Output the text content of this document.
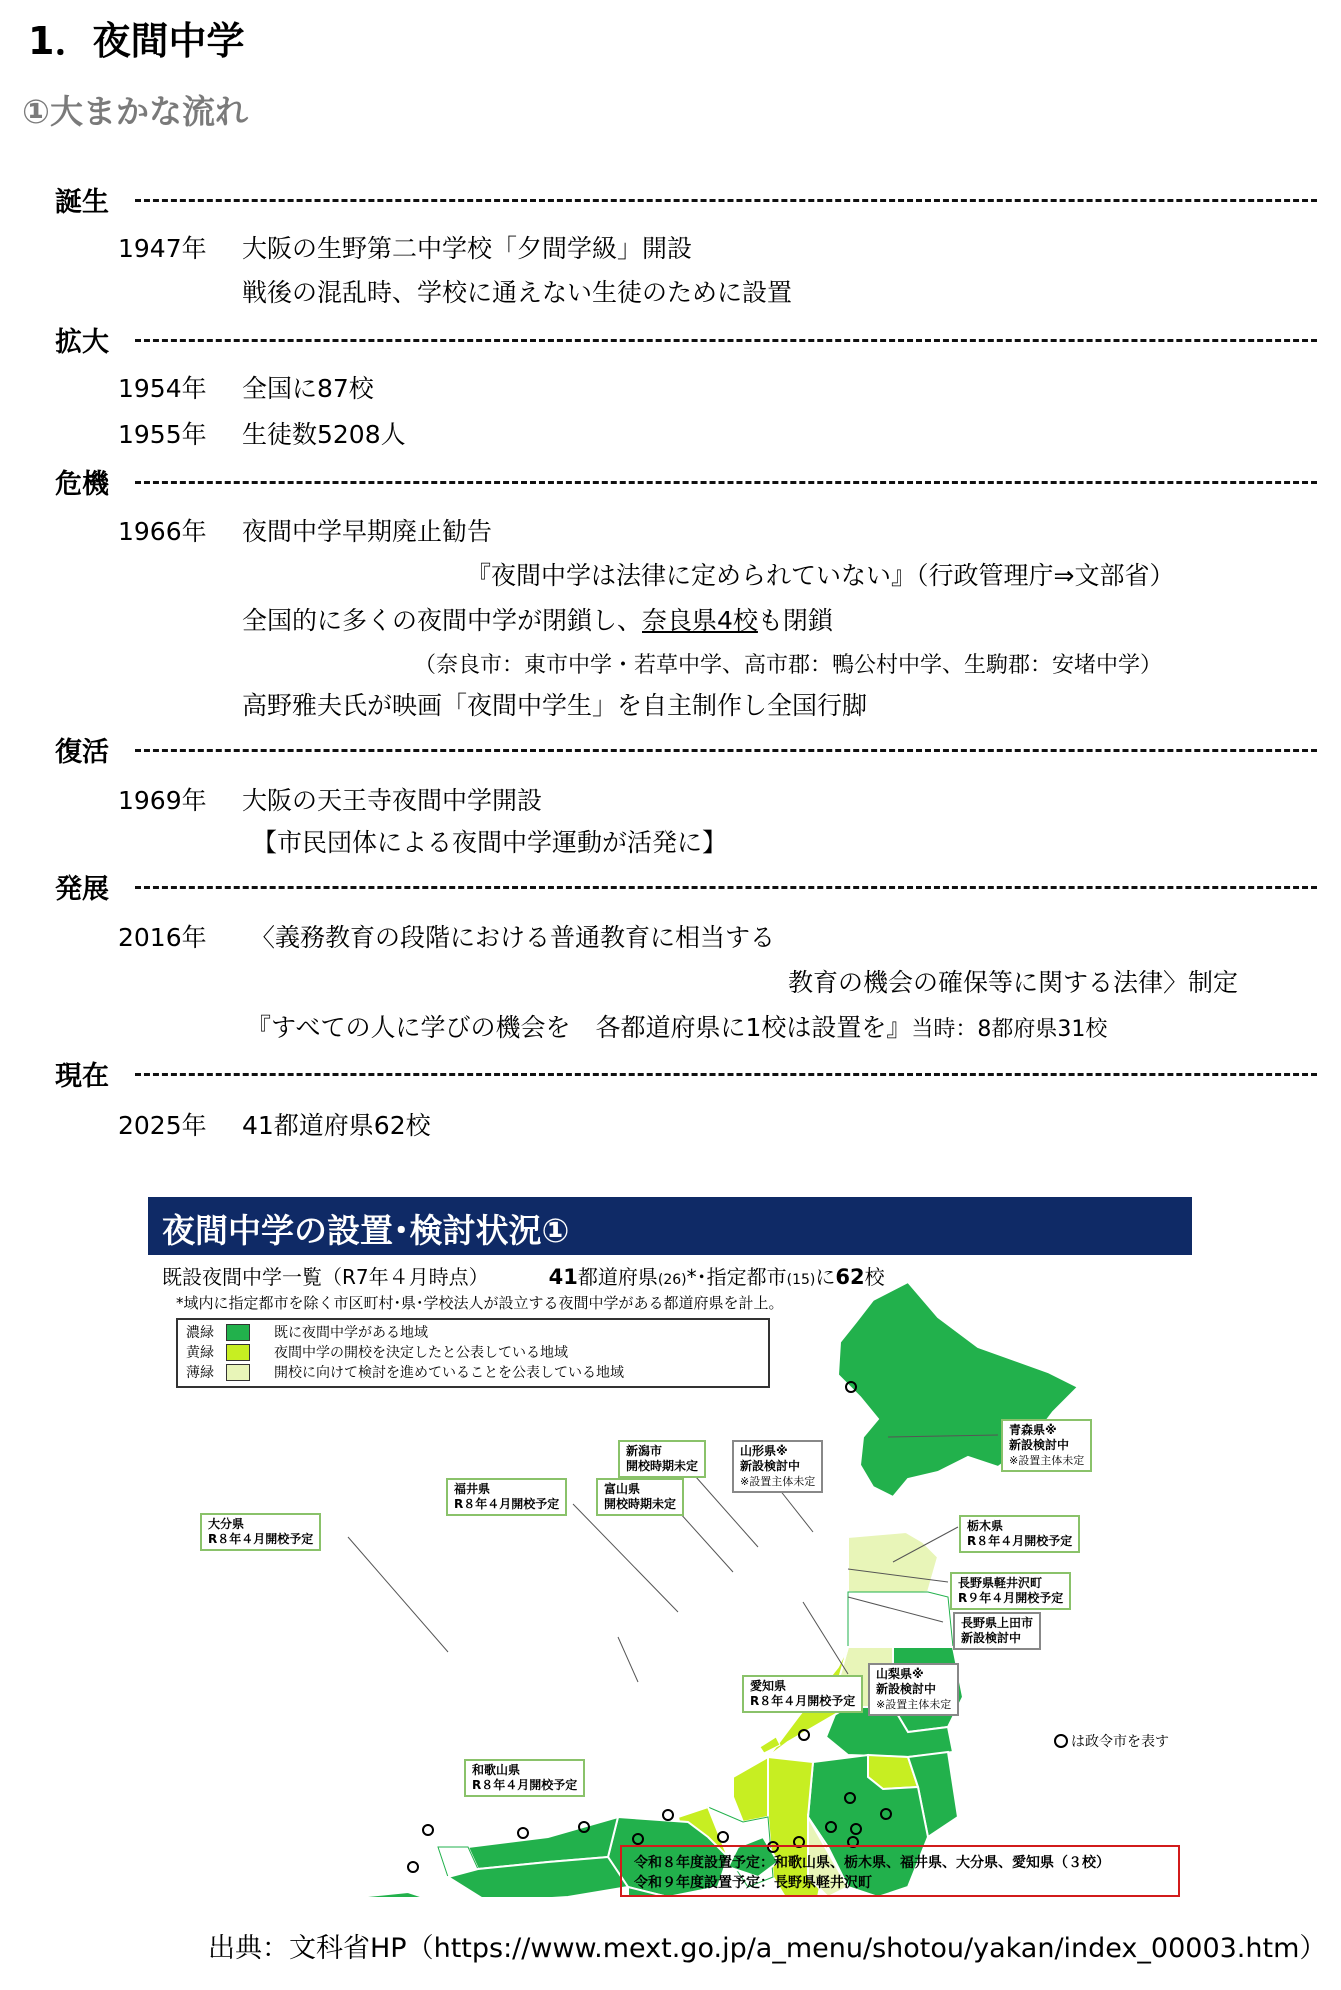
1．夜間中学
①大まかな流れ
誕生
1947年 大阪の生野第二中学校「夕間学級」開設
戦後の混乱時、学校に通えない生徒のために設置
拡大
1954年 全国に87校
1955年 生徒数5208人
危機
1966年 夜間中学早期廃止勧告
『夜間中学は法律に定められていない』（行政管理庁⇒文部省）
全国的に多くの夜間中学が閉鎖し、奈良県4校も閉鎖
（奈良市：東市中学・若草中学、高市郡：鴨公村中学、生駒郡：安堵中学）
高野雅夫氏が映画「夜間中学生」を自主制作し全国行脚
復活
1969年 大阪の天王寺夜間中学開設
【市民団体による夜間中学運動が活発に】
発展
2016年 〈義務教育の段階における普通教育に相当する
教育の機会の確保等に関する法律〉制定
『すべての人に学びの機会を　各都道府県に1校は設置を』当時：8都府県31校
現在
2025年 41都道府県62校
夜間中学の設置･検討状況①
既設夜間中学一覧（R7年４月時点）	41都道府県(26)*･指定都市(15)に62校
*域内に指定都市を除く市区町村･県･学校法人が設立する夜間中学がある都道府県を計上。
濃緑	既に夜間中学がある地域
黄緑	夜間中学の開校を決定したと公表している地域
薄緑	開校に向けて検討を進めていることを公表している地域
青森県※
新設検討中
※設置主体未定
新潟市
開校時期未定
山形県※
新設検討中
※設置主体未定
福井県
R８年４月開校予定
富山県
開校時期未定
大分県
R８年４月開校予定
栃木県
R８年４月開校予定
長野県軽井沢町
R９年４月開校予定
長野県上田市
新設検討中
山梨県※
新設検討中
※設置主体未定
愛知県
R８年４月開校予定
和歌山県
R８年４月開校予定
は政令市を表す
令和８年度設置予定：和歌山県、栃木県、福井県、大分県、愛知県（３校）
令和９年度設置予定：長野県軽井沢町
出典：文科省HP（https://www.mext.go.jp/a_menu/shotou/yakan/index_00003.htm）
